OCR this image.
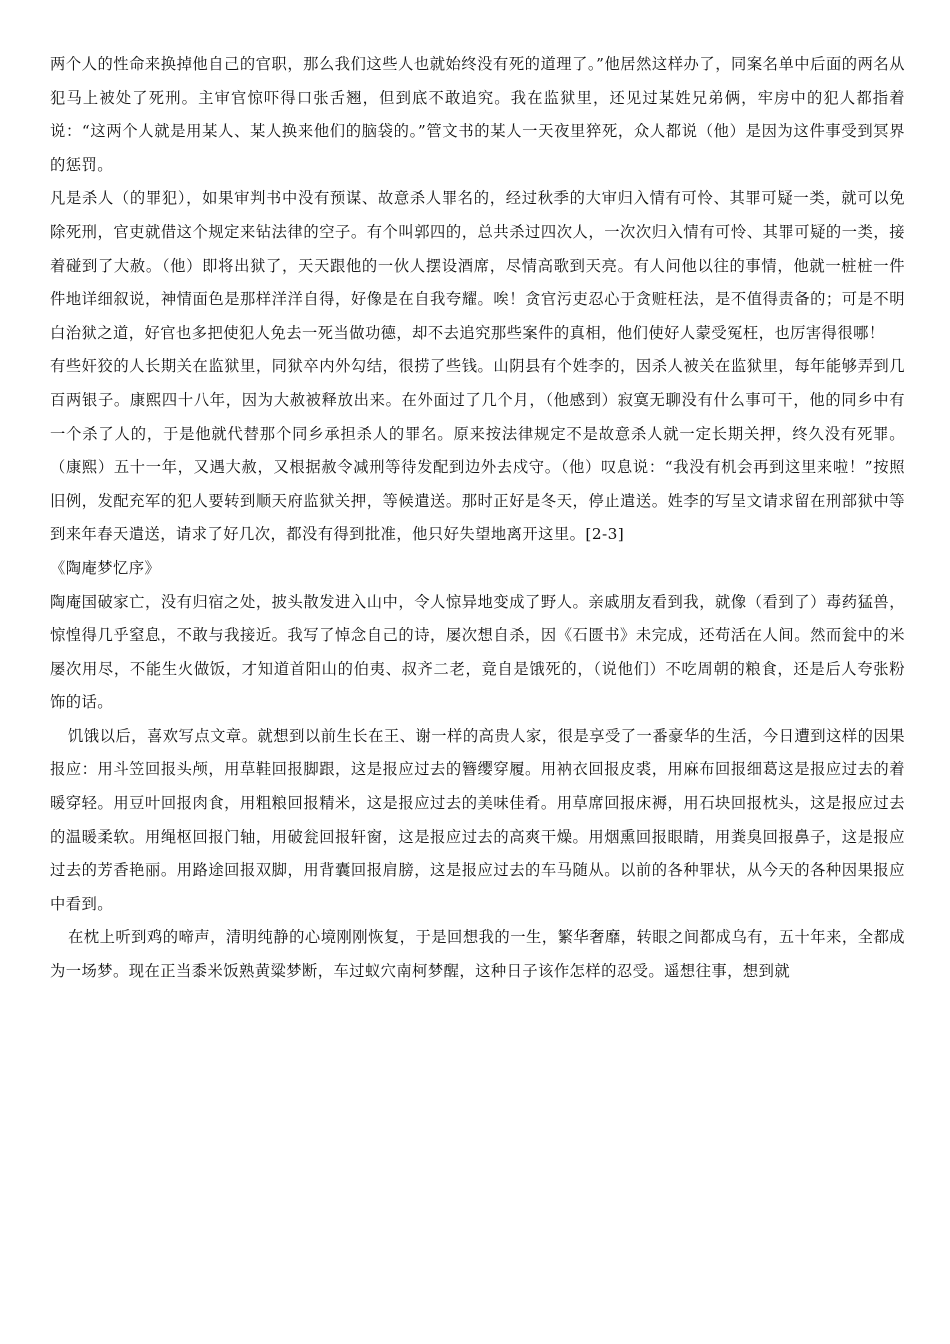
两个人的性命来换掉他自己的官职，那么我们这些人也就始终没有死的道理了。”他居然这样办了，同案名单中后面的两名从犯马上被处了死刑。主审官惊吓得口张舌翘，但到底不敢追究。我在监狱里，还见过某姓兄弟俩，牢房中的犯人都指着说：“这两个人就是用某人、某人换来他们的脑袋的。”管文书的某人一天夜里猝死，众人都说（他）是因为这件事受到冥界的惩罚。

凡是杀人（的罪犯），如果审判书中没有预谋、故意杀人罪名的，经过秋季的大审归入情有可怜、其罪可疑一类，就可以免除死刑，官吏就借这个规定来钻法律的空子。有个叫郭四的，总共杀过四次人，一次次归入情有可怜、其罪可疑的一类，接着碰到了大赦。（他）即将出狱了，天天跟他的一伙人摆设酒席，尽情高歌到天亮。有人问他以往的事情，他就一桩桩一件件地详细叙说，神情面色是那样洋洋自得，好像是在自我夸耀。唉！贪官污吏忍心于贪赃枉法，是不值得责备的；可是不明白治狱之道，好官也多把使犯人免去一死当做功德，却不去追究那些案件的真相，他们使好人蒙受冤枉，也厉害得很哪！

有些奸狡的人长期关在监狱里，同狱卒内外勾结，很捞了些钱。山阴县有个姓李的，因杀人被关在监狱里，每年能够弄到几百两银子。康熙四十八年，因为大赦被释放出来。在外面过了几个月，（他感到）寂寞无聊没有什么事可干，他的同乡中有一个杀了人的，于是他就代替那个同乡承担杀人的罪名。原来按法律规定不是故意杀人就一定长期关押，终久没有死罪。（康熙）五十一年，又遇大赦，又根据赦令减刑等待发配到边外去戍守。（他）叹息说：“我没有机会再到这里来啦！”按照旧例，发配充军的犯人要转到顺天府监狱关押，等候遣送。那时正好是冬天，停止遣送。姓李的写呈文请求留在刑部狱中等到来年春天遣送，请求了好几次，都没有得到批准，他只好失望地离开这里。[2-3]

《陶庵梦忆序》

陶庵国破家亡，没有归宿之处，披头散发进入山中，令人惊异地变成了野人。亲戚朋友看到我，就像（看到了）毒药猛兽，惊惶得几乎窒息，不敢与我接近。我写了悼念自己的诗，屡次想自杀，因《石匮书》未完成，还苟活在人间。然而瓮中的米屡次用尽，不能生火做饭，才知道首阳山的伯夷、叔齐二老，竟自是饿死的，（说他们）不吃周朝的粮食，还是后人夸张粉饰的话。

饥饿以后，喜欢写点文章。就想到以前生长在王、谢一样的高贵人家，很是享受了一番豪华的生活，今日遭到这样的因果报应：用斗笠回报头颅，用草鞋回报脚跟，这是报应过去的簪缨穿履。用衲衣回报皮裘，用麻布回报细葛这是报应过去的着暖穿轻。用豆叶回报肉食，用粗粮回报精米，这是报应过去的美味佳肴。用草席回报床褥，用石块回报枕头，这是报应过去的温暖柔软。用绳枢回报门轴，用破瓮回报轩窗，这是报应过去的高爽干燥。用烟熏回报眼睛，用粪臭回报鼻子，这是报应过去的芳香艳丽。用路途回报双脚，用背囊回报肩膀，这是报应过去的车马随从。以前的各种罪状，从今天的各种因果报应中看到。

在枕上听到鸡的啼声，清明纯静的心境刚刚恢复，于是回想我的一生，繁华奢靡，转眼之间都成乌有，五十年来，全都成为一场梦。现在正当黍米饭熟黄粱梦断，车过蚁穴南柯梦醒，这种日子该作怎样的忍受。遥想往事，想到就
